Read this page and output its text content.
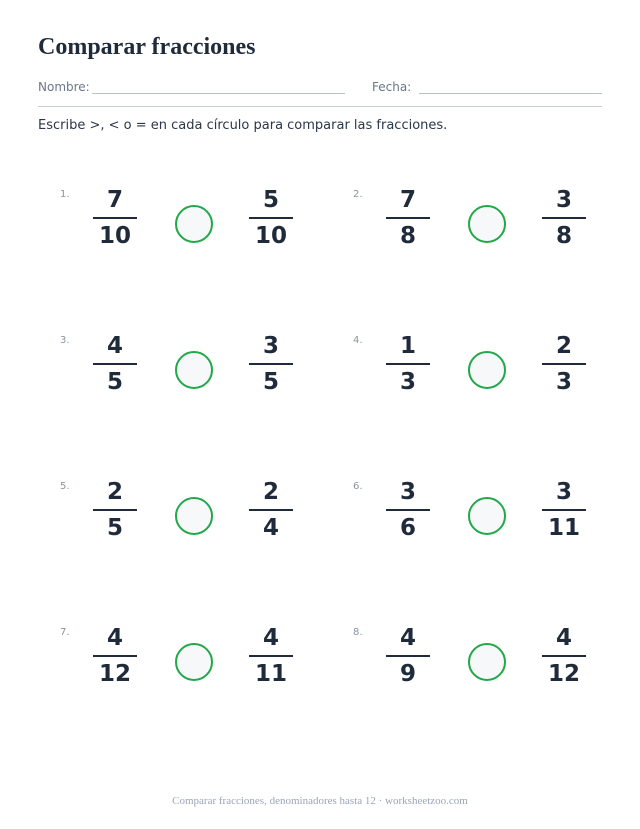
Comparar fracciones
Nombre:	Fecha:
Escribe >, < o = en cada círculo para comparar las fracciones.
1.	7
10
5
10
2.	7
8
3
8
3.	4
5
3
5
4.	1
3
2
3
5.	2
5
2
4
6.	3
6
3
11
7.	4
12
4
11
8.	4
9
4
12
Comparar fracciones, denominadores hasta 12 · worksheetzoo.com
